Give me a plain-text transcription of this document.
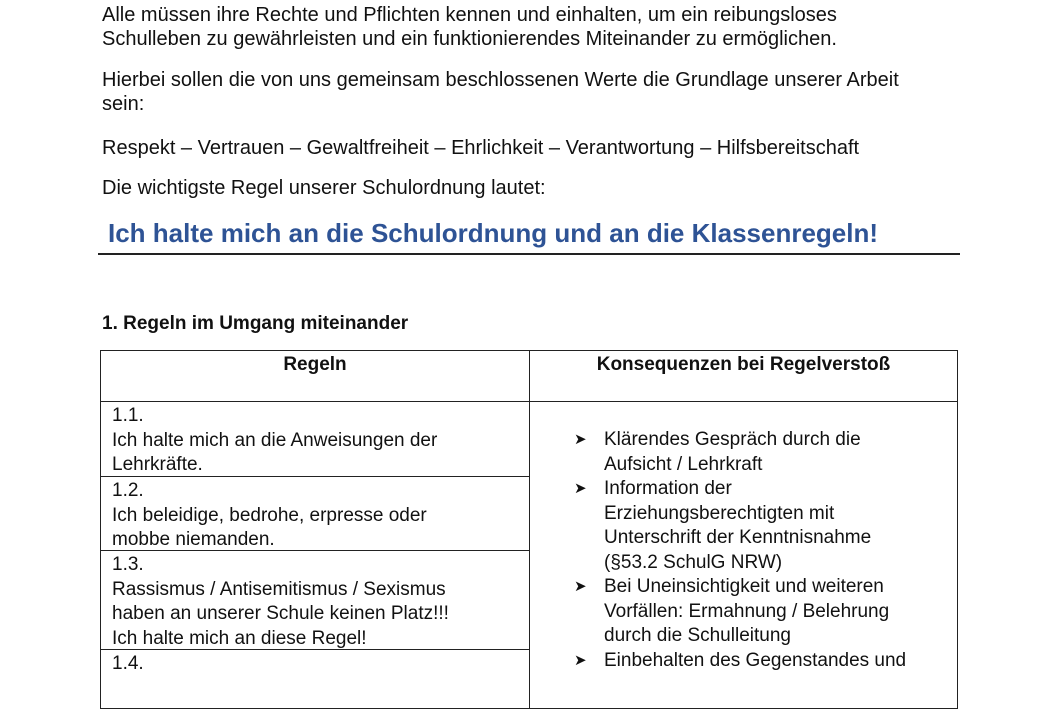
Alle müssen ihre Rechte und Pflichten kennen und einhalten, um ein reibungsloses
Schulleben zu gewährleisten und ein funktionierendes Miteinander zu ermöglichen.

Hierbei sollen die von uns gemeinsam beschlossenen Werte die Grundlage unserer Arbeit
sein:

Respekt – Vertrauen – Gewaltfreiheit – Ehrlichkeit – Verantwortung – Hilfsbereitschaft

Die wichtigste Regel unserer Schulordnung lautet:

Ich halte mich an die Schulordnung und an die Klassenregeln!
1. Regeln im Umgang miteinander
Regeln	Konsequenzen bei Regelverstoß
1.1.
Ich halte mich an die Anweisungen der
Lehrkräfte.
1.2.
Ich beleidige, bedrohe, erpresse oder
mobbe niemanden.
1.3.
Rassismus / Antisemitismus / Sexismus
haben an unserer Schule keinen Platz!!!
Ich halte mich an diese Regel!
1.4.
➤ Klärendes Gespräch durch die
Aufsicht / Lehrkraft
➤ Information der
Erziehungsberechtigten mit
Unterschrift der Kenntnisnahme
(§53.2 SchulG NRW)
➤ Bei Uneinsichtigkeit und weiteren
Vorfällen: Ermahnung / Belehrung
durch die Schulleitung
➤ Einbehalten des Gegenstandes und
